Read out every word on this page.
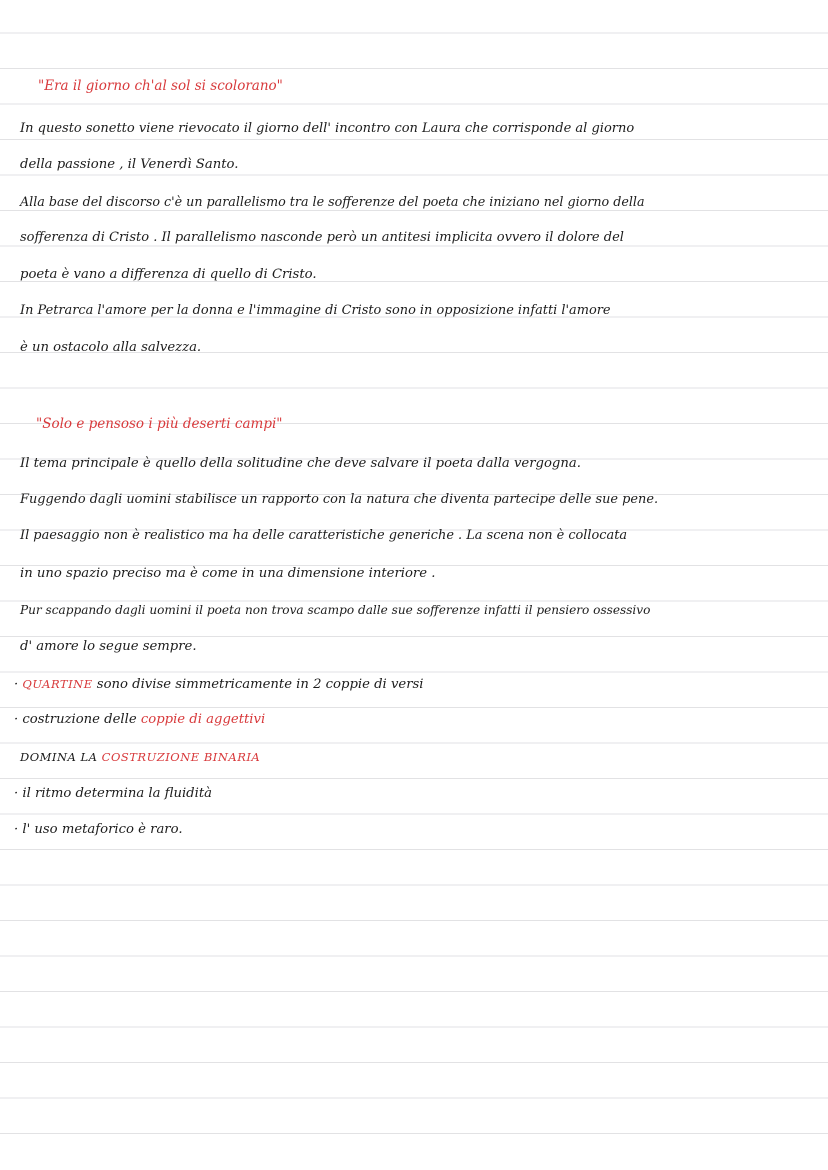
"Era il giorno ch'al sol si scolorano"

In questo sonetto viene rievocato il giorno dell' incontro con Laura che corrisponde al giorno

della passione , il Venerdì Santo.

Alla base del discorso c'è un parallelismo tra le sofferenze del poeta che iniziano nel giorno della

sofferenza di Cristo . Il parallelismo nasconde però un antitesi implicita ovvero il dolore del

poeta è vano a differenza di quello di Cristo.

In Petrarca l'amore per la donna e l'immagine di Cristo sono in opposizione infatti l'amore

è un ostacolo alla salvezza.

"Solo e pensoso i più deserti campi"

Il tema principale è quello della solitudine che deve salvare il poeta dalla vergogna.

Fuggendo dagli uomini stabilisce un rapporto con la natura che diventa partecipe delle sue pene.

Il paesaggio non è realistico ma ha delle caratteristiche generiche . La scena non è collocata

in uno spazio preciso ma è come in una dimensione interiore .

Pur scappando dagli uomini il poeta non trova scampo dalle sue sofferenze infatti il pensiero ossessivo

d' amore lo segue sempre.

· QUARTINE sono divise simmetricamente in 2 coppie di versi

· costruzione delle coppie di aggettivi

DOMINA LA COSTRUZIONE BINARIA

· il ritmo determina la fluidità

· l' uso metaforico è raro.
